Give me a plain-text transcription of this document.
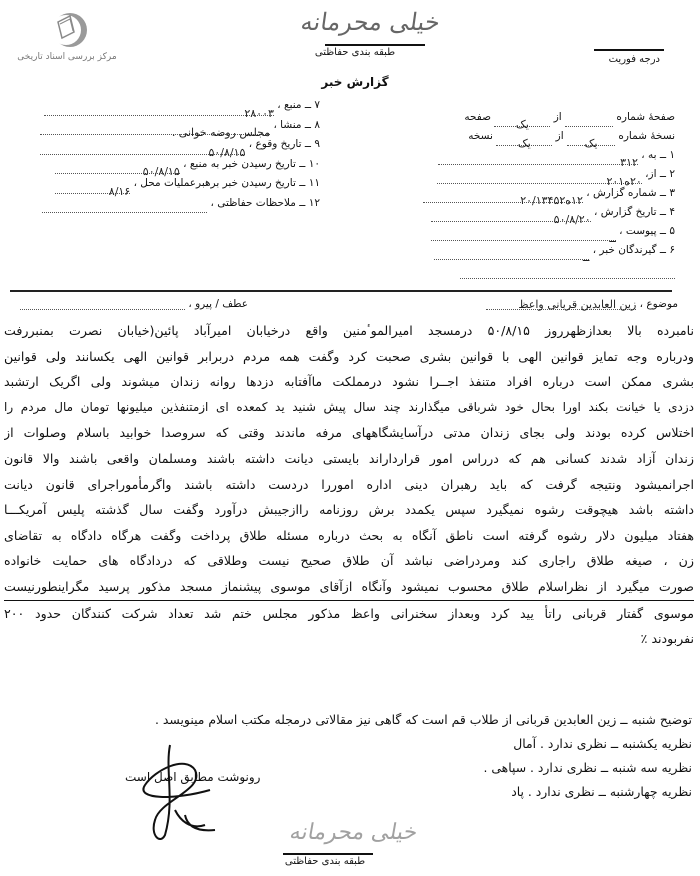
مرکز بررسی اسناد تاریخی
خیلی محرمانه
طبقه بندی حفاظتی
گزارش خبر
درجه فوریت
صفحهٔ شماره  از یک صفحه
نسخهٔ شماره یک از یک نسخه
۱ ــ به ، ۳۱۲
۲ ــ از، ۲۰ه۲۰۱
۳ ــ شماره گزارش ، ۱۲ه۲۰/۱۳۴۵۲
۴ ــ تاریخ گزارش ، ۵۰/۸/۲۰
۵ ــ پیوست ، ــ
۶ ــ گیرندگان خبر ، ــ
۷ ــ منبع ، ۲۸۰۰۳
۸ ــ منشا ، مجلس روضه خوانی .
۹ ــ تاریخ وقوع ، ۵۰/۸/۱۵
۱۰ ــ تاریخ رسیدن خبر به منبع ، ۵۰/۸/۱۵
۱۱ ــ تاریخ رسیدن خبر برهبرعملیات محل ، ۸/۱۶
۱۲ ــ ملاحظات حفاظتی ،
موضوع ، زین العابدین قربانی واعظ
عطف / پیرو ،
نامبرده بالا بعدازظهرروز ۵۰/۸/۱۵ درمسجد امیرالموٴمنین واقع درخیابان امیرآباد پائین(خیابان نصرت بمنبررفت
ودرباره وجه تمایز قوانین الهی با قوانین بشری صحبت کرد وگفت همه مردم دربرابر قوانین الهی یکسانند ولی قوانین
بشری ممکن است درباره افراد متنفذ اجــرا نشود درمملکت ماآفتابه دزدها روانه زندان میشوند ولی اگریک ارتشبد
دزدی یا خیانت بکند اورا بحال خود شرباقی میگذارند چند سال پیش شنید ید کمعده ای ازمتنفذین میلیونها تومان مال مردم را
اختلاس کرده بودند ولی بجای زندان مدتی درآسایشگاههای مرفه ماندند وقتی که سروصدا خوابید باسلام وصلوات از
زندان آزاد شدند کسانی هم که درراس امور قرارداراند بایستی دیانت داشته باشند ومسلمان واقعی باشند والا قانون
اجرانمیشود ونتیجه گرفت که باید رهبران دینی اداره اموررا دردست داشته باشند واگرمأموراجرای قانون دیانت
داشته باشد هیچوقت رشوه نمیگیرد سپس یکمدد برش روزنامه راازجیبش درآورد وگفت سال گذشته پلیس آمریکـــا
هفتاد میلیون دلار رشوه گرفته است ناطق آنگاه به بحث درباره مسئله طلاق پرداخت وگفت هرگاه دادگاه به تقاضای
زن ، صیغه طلاق راجاری کند ومردراضی نباشد آن طلاق صحیح نیست وطلاقی که دردادگاه های حمایت خانواده
صورت میگیرد از نظراسلام طلاق محسوب نمیشود وآنگاه ازآقای موسوی پیشنماز مسجد مذکور پرسید مگراینطورنیست
موسوی گفتار قربانی راتأ یید کرد وبعداز سخنرانی واعظ مذکور مجلس ختم شد تعداد شرکت کنندگان حدود ۲۰۰
نفربودند ٪
توضیح شنبه ــ زین العابدین قربانی از طلاب قم است که گاهی نیز مقالاتی درمجله مکتب اسلام مینویسد .
نظریه یکشنبه ــ نظری ندارد . آمال
نظریه سه شنبه ــ نظری ندارد . سپاهی .
نظریه چهارشنبه ــ نظری ندارد . پاد
رونوشت مطابق اصل است
خیلی محرمانه
طبقه بندی حفاظتی
